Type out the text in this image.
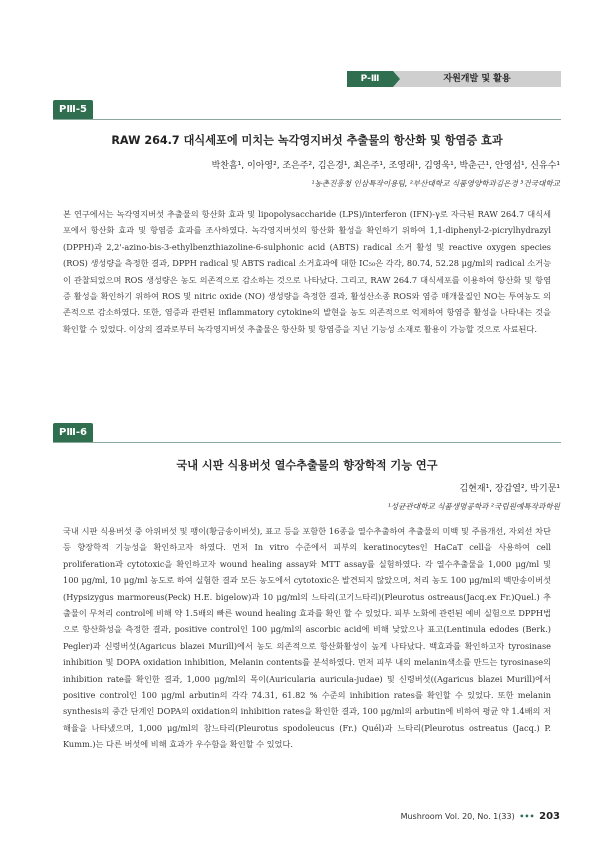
P-Ⅲ	자원개발 및 활용
PⅢ-5
RAW 264.7 대식세포에 미치는 녹각영지버섯 추출물의 항산화 및 항염증 효과
박찬흠¹, 이아영², 조은주², 김은경¹, 최은주¹, 조영래¹, 김영욱¹, 박춘근¹, 안영섭¹, 신유수¹
¹농촌진흥청 인삼특작이용팀, ²부산대학교 식품영양학과김은경 ³건국대학교

본 연구에서는 녹각영지버섯 추출물의 항산화 효과 및 lipopolysaccharide (LPS)/interferon (IFN)-γ로 자극된 RAW 264.7 대식세포에서 항산화 효과 및 항염증 효과를 조사하였다. 녹각영지버섯의 항산화 활성을 확인하기 위하여 1,1-diphenyl-2-picrylhydrazyl (DPPH)과 2,2'-azino-bis-3-ethylbenzthiazoline-6-sulphonic acid (ABTS) radical 소거 활성 및 reactive oxygen species (ROS) 생성량을 측정한 결과, DPPH radical 및 ABTS radical 소거효과에 대한 IC₅₀은 각각, 80.74, 52.28 μg/ml의 radical 소거능이 관찰되었으며 ROS 생성량은 농도 의존적으로 감소하는 것으로 나타났다. 그리고, RAW 264.7 대식세포를 이용하여 항산화 및 항염증 활성을 확인하기 위하여 ROS 및 nitric oxide (NO) 생성량을 측정한 결과, 활성산소종 ROS와 염증 매개물질인 NO는 투여농도 의존적으로 감소하였다. 또한, 염증과 관련된 inflammatory cytokine의 발현을 농도 의존적으로 억제하여 항염증 활성을 나타내는 것을 확인할 수 있었다. 이상의 결과로부터 녹각영지버섯 추출물은 항산화 및 항염증을 지닌 기능성 소재로 활용이 가능할 것으로 사료된다.

PⅢ-6
국내 시판 식용버섯 열수추출물의 향장학적 기능 연구
김현재¹, 장갑열², 박기문¹
¹성균관대학교 식품생명공학과 ²국립원예특작과학원

국내 시판 식용버섯 중 아위버섯 및 팽이(황금송이버섯), 표고 등을 포함한 16종을 열수추출하여 추출물의 미백 및 주름개선, 자외선 차단 등 향장학적 기능성을 확인하고자 하였다. 먼저 In vitro 수준에서 피부의 keratinocytes인 HaCaT cell을 사용하여 cell proliferation과 cytotoxic을 확인하고자 wound healing assay와 MTT assay를 실험하였다. 각 열수추출물을 1,000 μg/ml 및 100 μg/ml, 10 μg/ml 농도로 하여 실험한 결과 모든 농도에서 cytotoxic은 발견되지 않았으며, 처리 농도 100 μg/ml의 백만송이버섯(Hypsizygus marmoreus(Peck) H.E. bigelow)과 10 μg/ml의 느타리(고기느타리)(Pleurotus ostreaus(Jacq.ex Fr.)Quel.) 추출물이 무처리 control에 비해 약 1.5배의 빠른 wound healing 효과를 확인 할 수 있었다. 피부 노화에 관련된 예비 실험으로 DPPH법으로 항산화성을 측정한 결과, positive control인 100 μg/ml의 ascorbic acid에 비해 낮았으나 표고(Lentinula edodes (Berk.) Pegler)과 신령버섯(Agaricus blazei Murill)에서 농도 의존적으로 항산화활성이 높게 나타났다. 백효과를 확인하고자 tyrosinase inhibition 및 DOPA oxidation inhibition, Melanin contents를 분석하였다. 먼저 피부 내의 melanin색소를 만드는 tyrosinase의 inhibition rate를 확인한 결과, 1,000 μg/ml의 목이(Auricularia auricula-judae) 및 신령버섯((Agaricus blazei Murill)에서 positive control인 100 μg/ml arbutin의 각각 74.31, 61.82 % 수준의 inhibition rates를 확인할 수 있었다. 또한 melanin synthesis의 중간 단계인 DOPA의 oxidation의 inhibition rates을 확인한 결과, 100 μg/ml의 arbutin에 비하여 평균 약 1.4배의 저해율을 나타냈으며, 1,000 μg/ml의 참느타리(Pleurotus spodoleucus (Fr.) Quél)과 느타리(Pleurotus ostreatus (Jacq.) P. Kumm.)는 다른 버섯에 비해 효과가 우수함을 확인할 수 있었다.

Mushroom Vol. 20, No. 1(33) ••• 203
